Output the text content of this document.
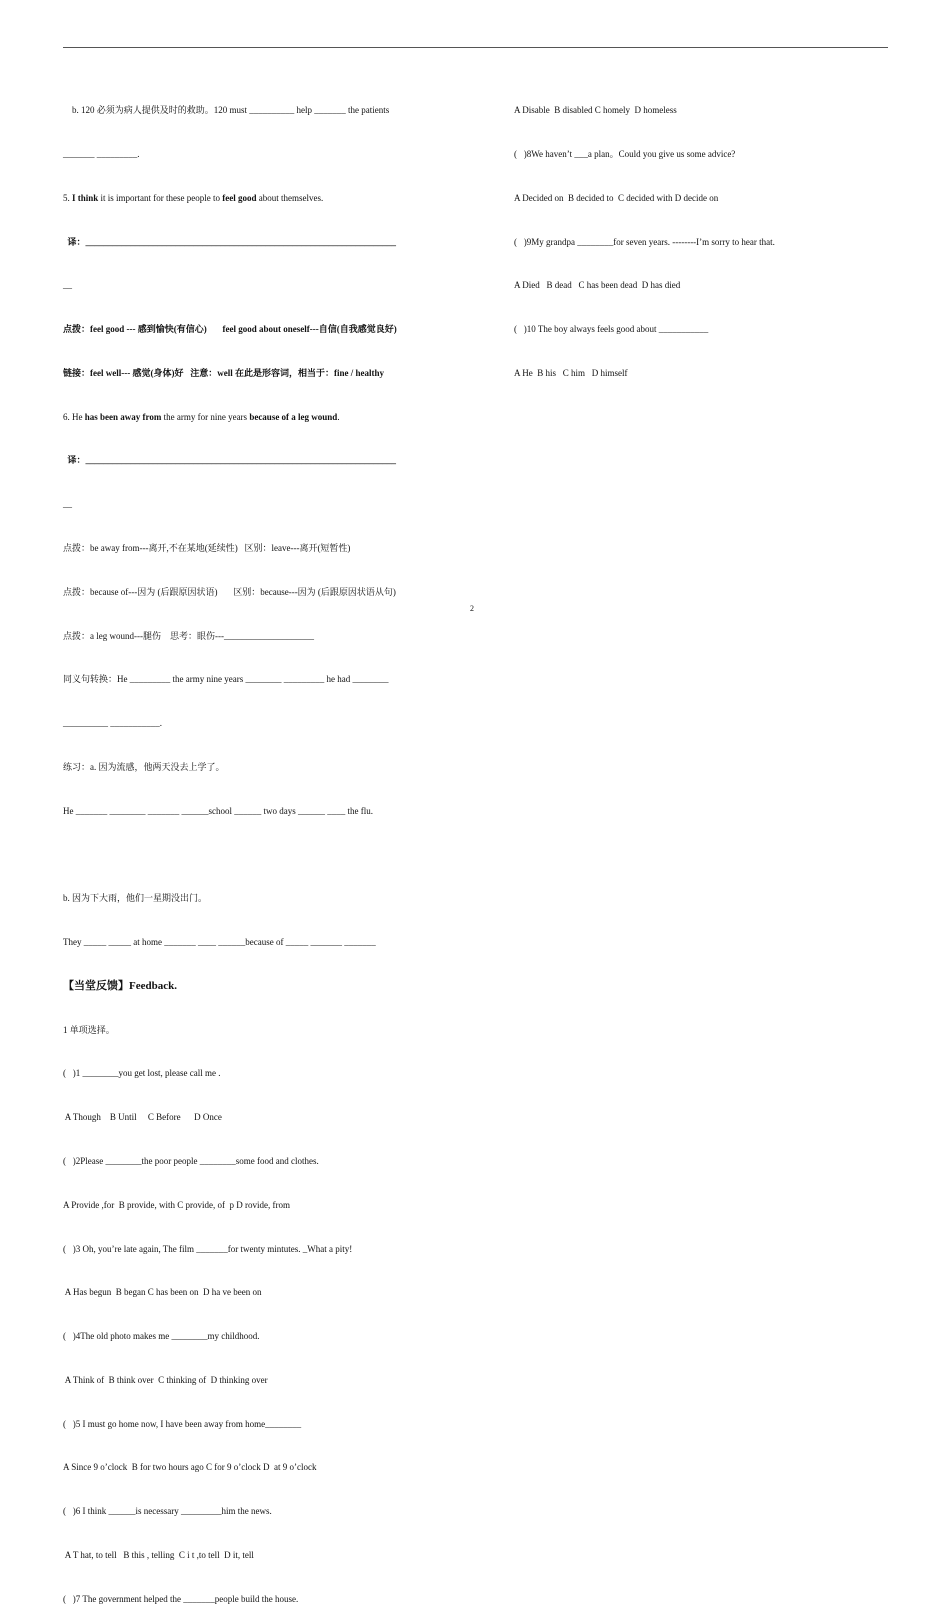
b. 120 必须为病人提供及时的救助。120 must __________ help _______ the patients

_______ _________.

5. I think it is important for these people to feel good about themselves.

译：_____________________________________________________________________

__

点拨：feel good --- 感到愉快(有信心)       feel good about oneself---自信(自我感觉良好)

链接：feel well--- 感觉(身体)好   注意：well 在此是形容词，相当于：fine / healthy

6. He has been away from the army for nine years because of a leg wound.

译：_____________________________________________________________________

__

点拨：be away from---离开,不在某地(延续性)   区别：leave---离开(短暂性)

点拨：because of---因为 (后跟原因状语)       区别：because---因为 (后跟原因状语从句)

点拨：a leg wound---腿伤    思考：眼伤---____________________

同义句转换：He _________ the army nine years ________ _________ he had ________

__________ ___________.

练习：a. 因为流感，他两天没去上学了。

He _______ ________ _______ ______school ______ two days ______ ____ the flu.

b. 因为下大雨，他们一星期没出门。

They _____ _____ at home _______ ____ ______because of _____ _______ _______

【当堂反馈】Feedback.

1 单项选择。

(   )1 ________you get lost, please call me .

A Though    B Until     C Before      D Once

(   )2Please ________the poor people ________some food and clothes.

A Provide ,for  B provide, with C provide, of  p D rovide, from

(   )3 Oh, you’re late again, The film _______for twenty mintutes. _What a pity!

A Has begun  B began C has been on  D ha ve been on

(   )4The old photo makes me ________my childhood.

A Think of  B think over  C thinking of  D thinking over

(   )5 I must go home now, I have been away from home________

A Since 9 o’clock  B for two hours ago C for 9 o’clock D  at 9 o’clock

(   )6 I think ______is necessary _________him the news.

A T hat, to tell   B this , telling  C i t ,to tell  D it, tell

(   )7 The government helped the _______people build the house.

A Disable  B disabled C homely  D homeless

(   )8We haven’t ___a plan。Could you give us some advice?

A Decided on  B decided to  C decided with D decide on

(   )9My grandpa ________for seven years. --------I’m sorry to hear that.

A Died   B dead   C has been dead  D has died

(   )10 The boy always feels good about ___________

A He  B his   C him   D himself

2
